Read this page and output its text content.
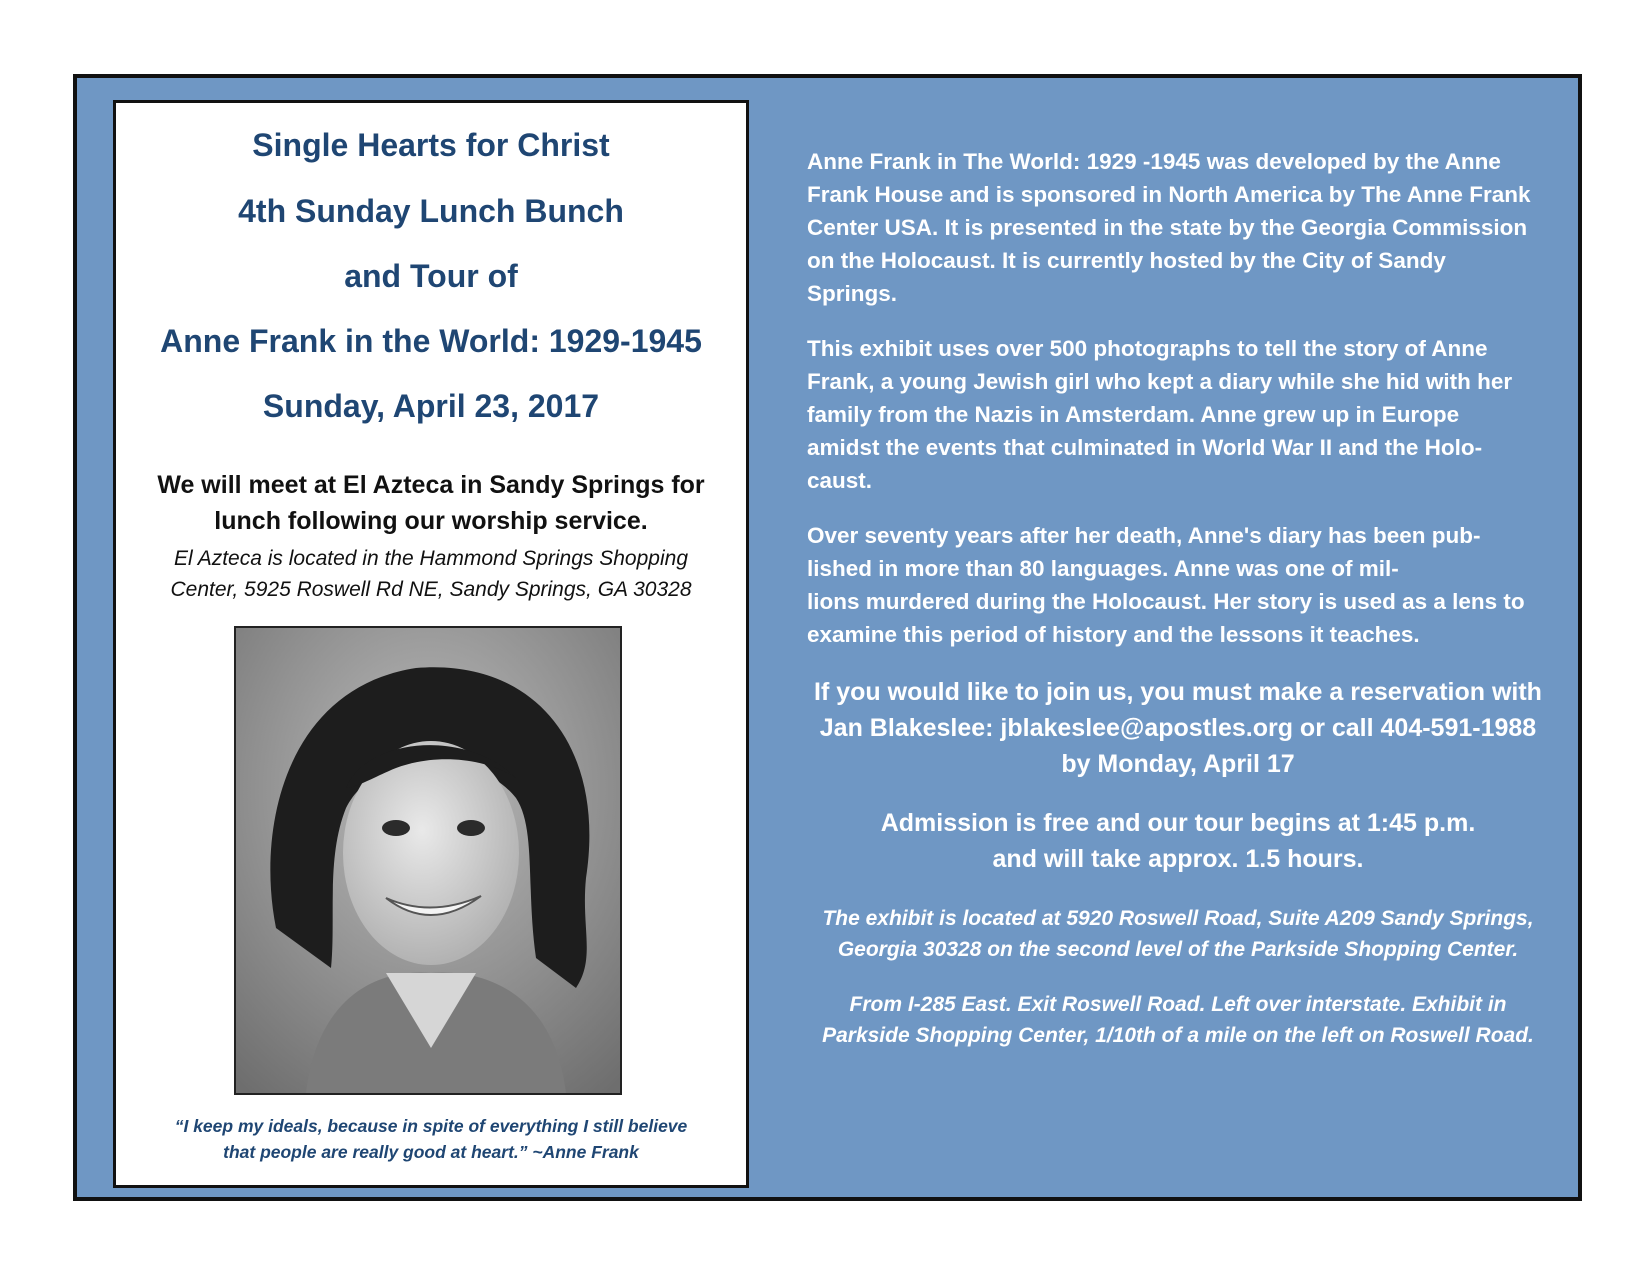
Single Hearts for Christ
4th Sunday Lunch Bunch
and Tour of
Anne Frank in the World: 1929-1945
Sunday, April 23, 2017
We will meet at El Azteca in Sandy Springs for
lunch following our worship service.
El Azteca is located in the Hammond Springs Shopping
Center, 5925 Roswell Rd NE, Sandy Springs, GA 30328
“I keep my ideals, because in spite of everything I still believe
that people are really good at heart.” ~Anne Frank

Anne Frank in The World: 1929 -1945 was developed by the Anne
Frank House and is sponsored in North America by The Anne Frank
Center USA. It is presented in the state by the Georgia Commission
on the Holocaust. It is currently hosted by the City of Sandy
Springs.

This exhibit uses over 500 photographs to tell the story of Anne
Frank, a young Jewish girl who kept a diary while she hid with her
family from the Nazis in Amsterdam. Anne grew up in Europe
amidst the events that culminated in World War II and the Holo-
caust.

Over seventy years after her death, Anne's diary has been pub-
lished in more than 80 languages. Anne was one of mil-
lions murdered during the Holocaust. Her story is used as a lens to
examine this period of history and the lessons it teaches.

If you would like to join us, you must make a reservation with
Jan Blakeslee: jblakeslee@apostles.org or call 404-591-1988
by Monday, April 17
Admission is free and our tour begins at 1:45 p.m.
and will take approx. 1.5 hours.
The exhibit is located at 5920 Roswell Road, Suite A209 Sandy Springs,
Georgia 30328 on the second level of the Parkside Shopping Center.
From I-285 East. Exit Roswell Road. Left over interstate. Exhibit in
Parkside Shopping Center, 1/10th of a mile on the left on Roswell Road.
